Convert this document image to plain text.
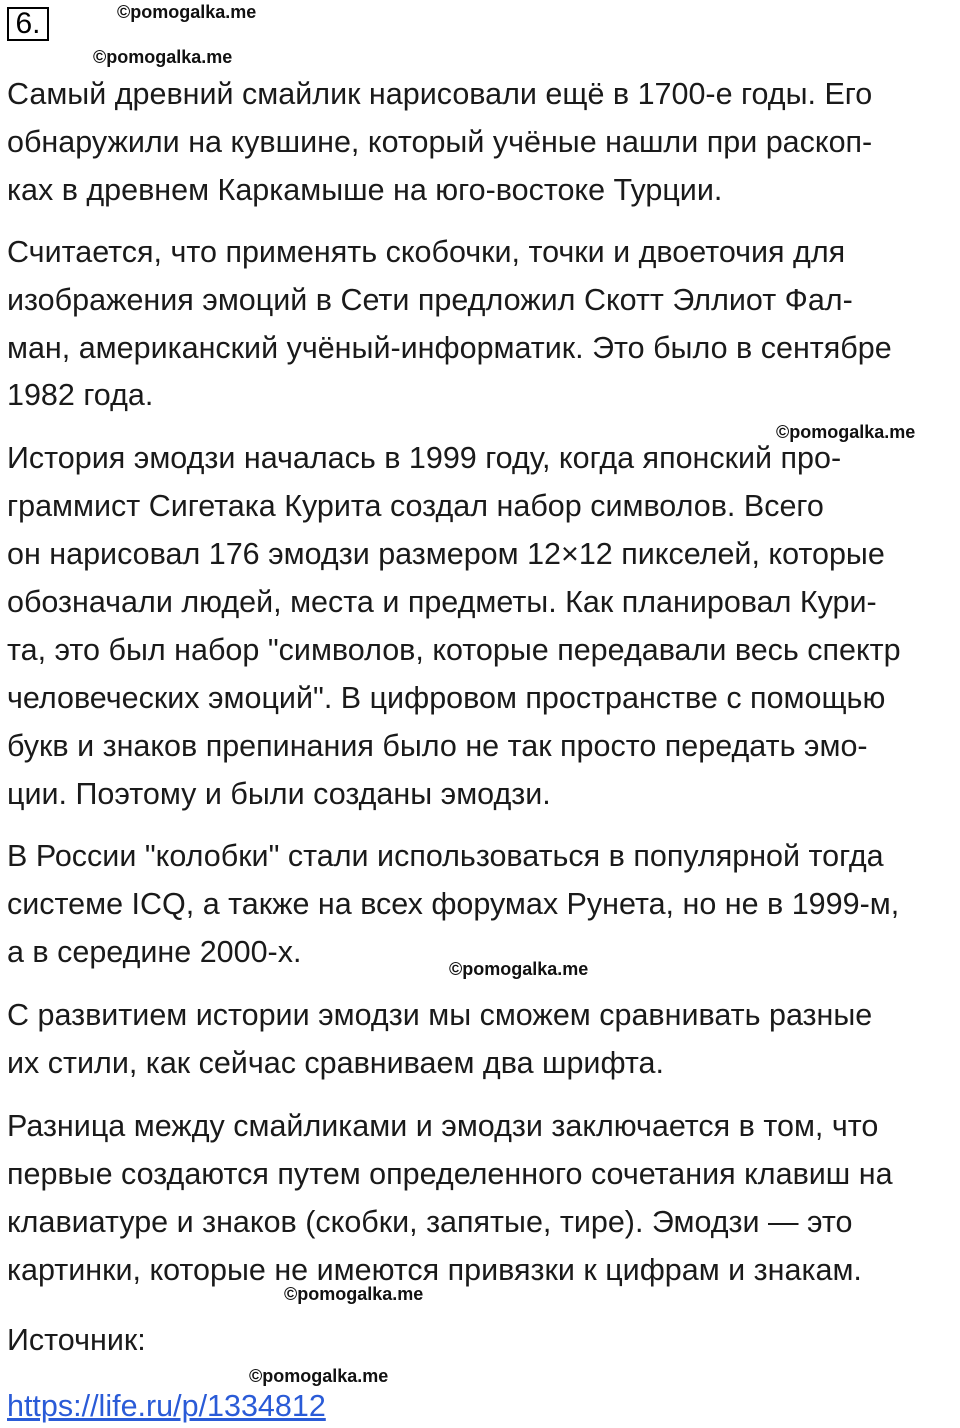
6.	©pomogalka.me
©pomogalka.me
©pomogalka.me
©pomogalka.me
©pomogalka.me
©pomogalka.me
Самый древний смайлик нарисовали ещё в 1700-е годы. Его
обнаружили на кувшине, который учёные нашли при раскоп-
ках в древнем Каркамыше на юго-востоке Турции.
Считается, что применять скобочки, точки и двоеточия для
изображения эмоций в Сети предложил Скотт Эллиот Фал-
ман, американский учёный-информатик. Это было в сентябре
1982 года.
История эмодзи началась в 1999 году, когда японский про-
граммист Сигетака Курита создал набор символов. Всего
он нарисовал 176 эмодзи размером 12×12 пикселей, которые
обозначали людей, места и предметы. Как планировал Кури-
та, это был набор "символов, которые передавали весь спектр
человеческих эмоций". В цифровом пространстве с помощью
букв и знаков препинания было не так просто передать эмо-
ции. Поэтому и были созданы эмодзи.
В России "колобки" стали использоваться в популярной тогда
системе ICQ, а также на всех форумах Рунета, но не в 1999-м,
а в середине 2000-х.
С развитием истории эмодзи мы сможем сравнивать разные
их стили, как сейчас сравниваем два шрифта.
Разница между смайликами и эмодзи заключается в том, что
первые создаются путем определенного сочетания клавиш на
клавиатуре и знаков (скобки, запятые, тире). Эмодзи — это
картинки, которые не имеются привязки к цифрам и знакам.
Источник:
https://life.ru/p/1334812
